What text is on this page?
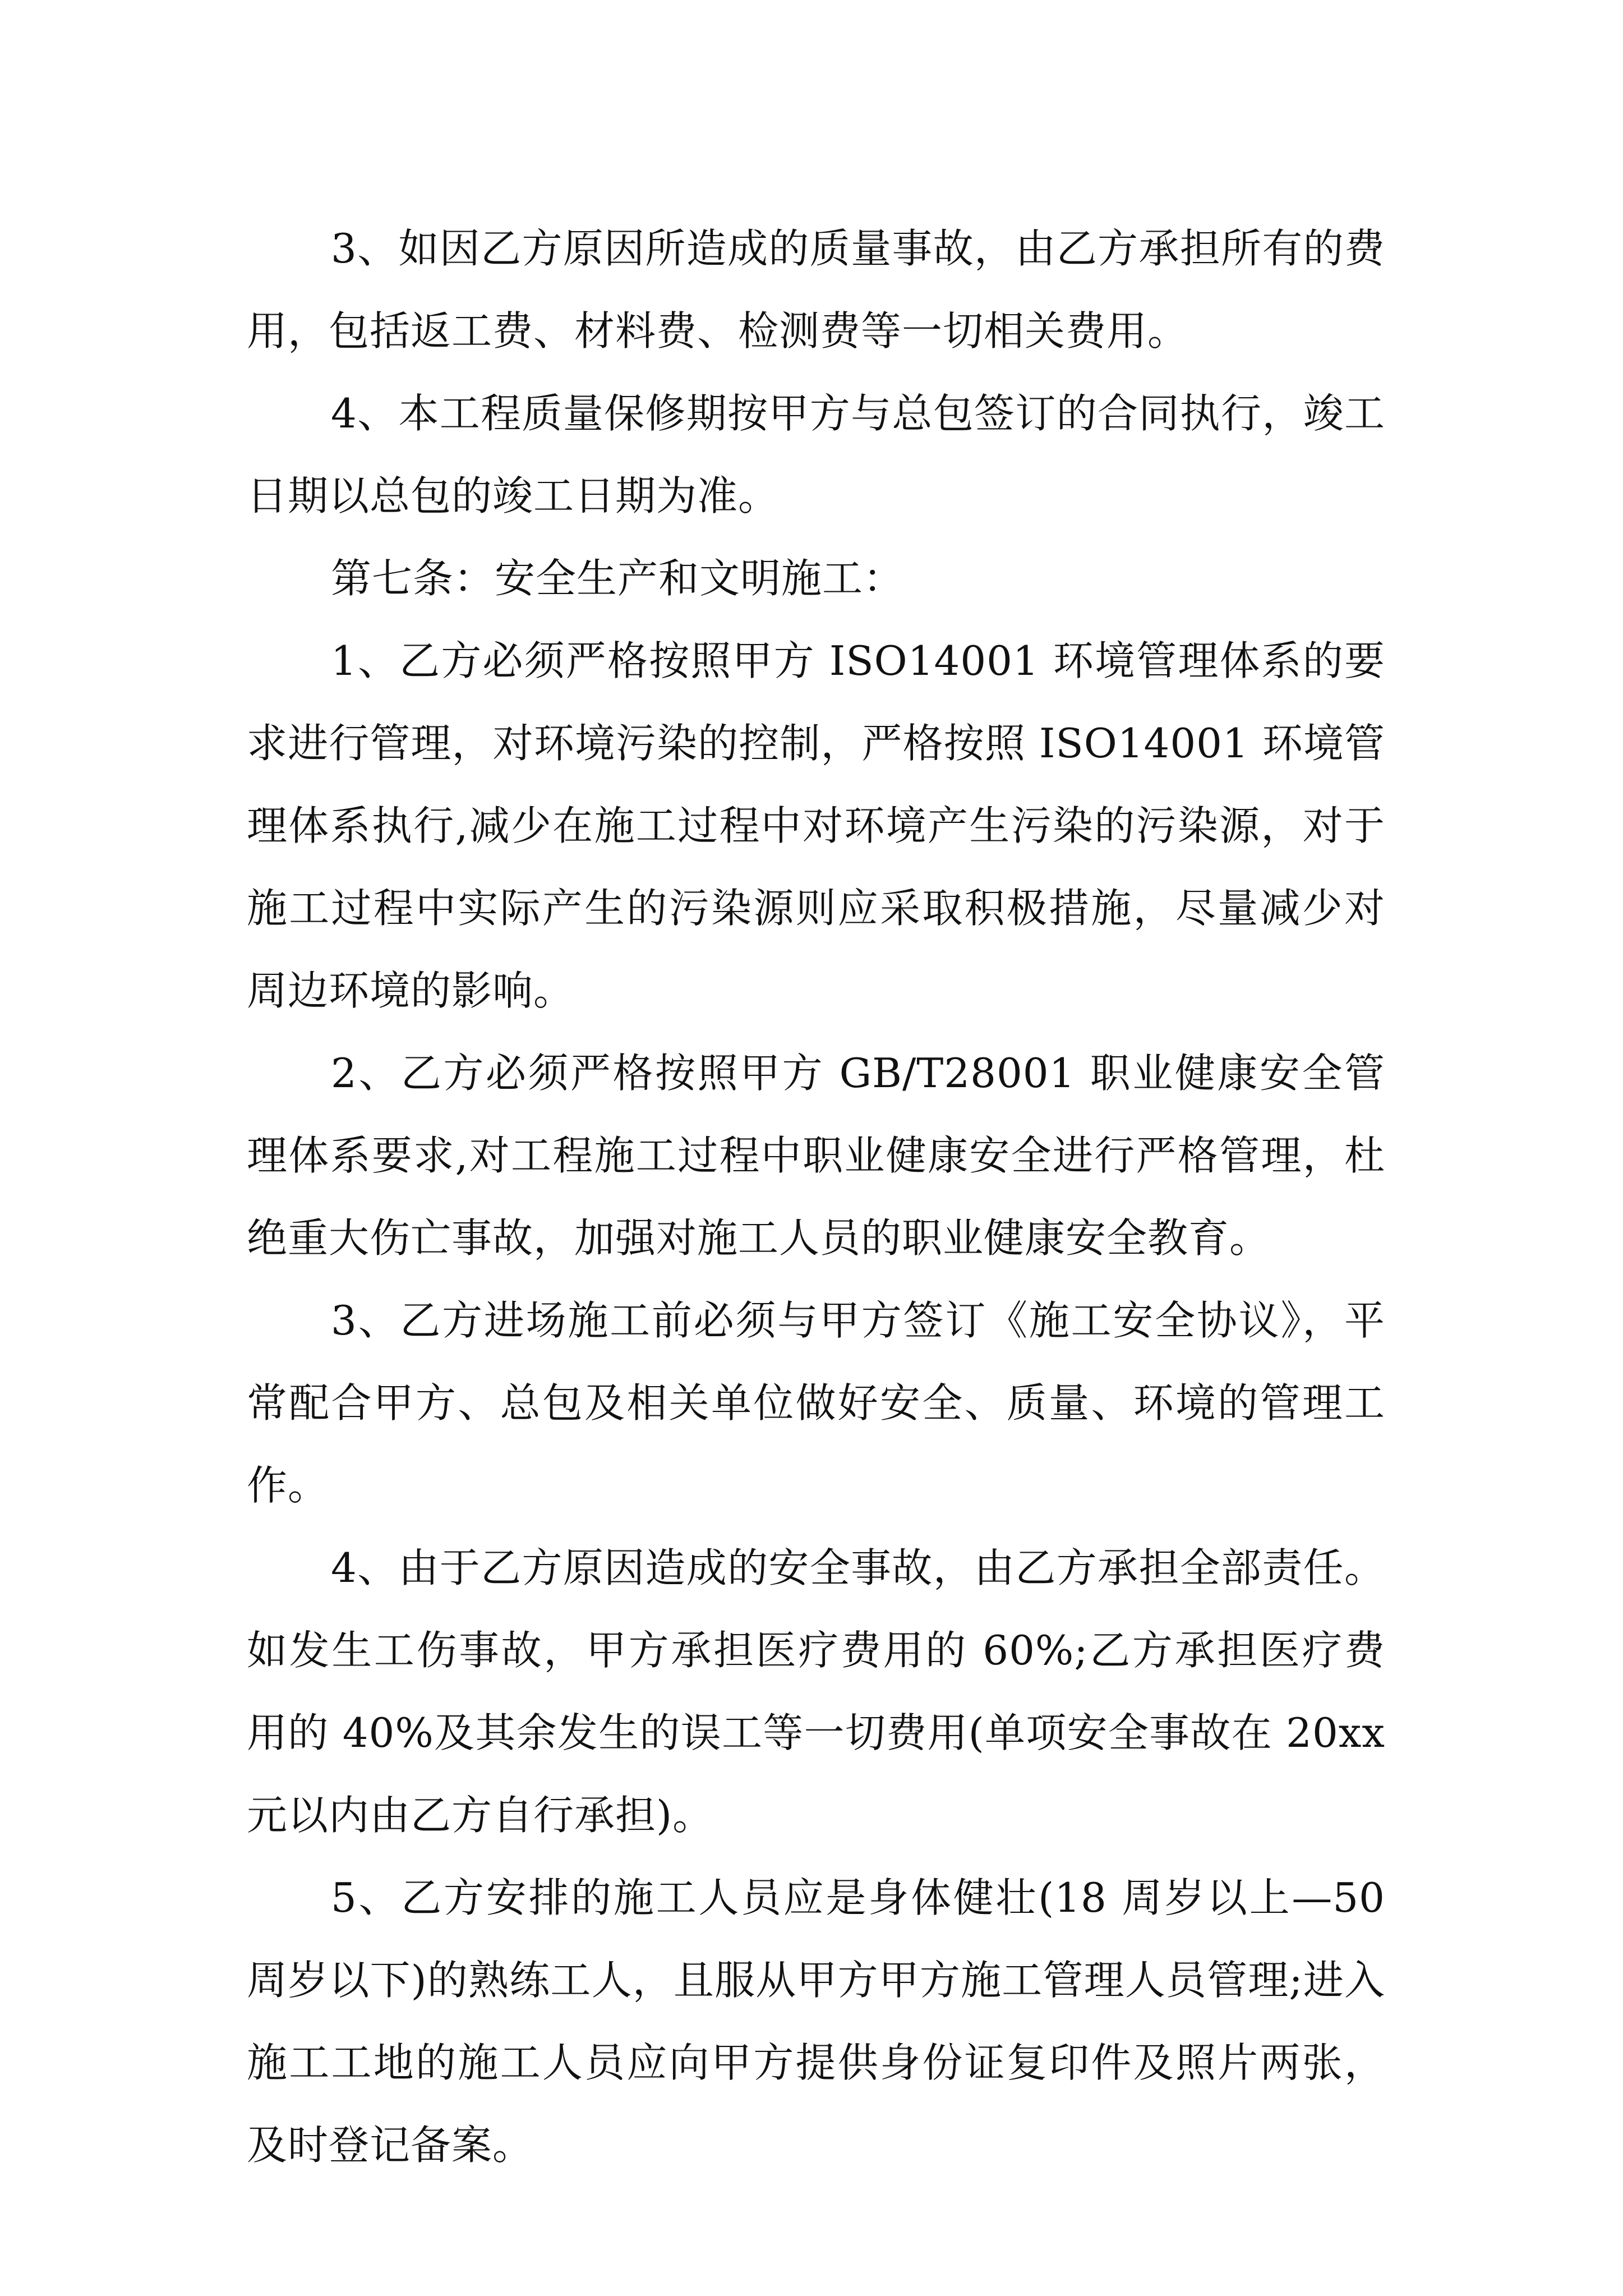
3、如因乙方原因所造成的质量事故，由乙方承担所有的费用，包括返工费、材料费、检测费等一切相关费用。

4、本工程质量保修期按甲方与总包签订的合同执行，竣工日期以总包的竣工日期为准。

第七条：安全生产和文明施工：

1、乙方必须严格按照甲方 ISO14001 环境管理体系的要求进行管理，对环境污染的控制，严格按照 ISO14001 环境管理体系执行,减少在施工过程中对环境产生污染的污染源，对于施工过程中实际产生的污染源则应采取积极措施，尽量减少对周边环境的影响。

2、乙方必须严格按照甲方 GB/T28001 职业健康安全管理体系要求,对工程施工过程中职业健康安全进行严格管理，杜绝重大伤亡事故，加强对施工人员的职业健康安全教育。

3、乙方进场施工前必须与甲方签订《施工安全协议》，平常配合甲方、总包及相关单位做好安全、质量、环境的管理工作。

4、由于乙方原因造成的安全事故，由乙方承担全部责任。如发生工伤事故，甲方承担医疗费用的 60%;乙方承担医疗费用的 40%及其余发生的误工等一切费用(单项安全事故在 20xx 元以内由乙方自行承担)。

5、乙方安排的施工人员应是身体健壮(18 周岁以上—50 周岁以下)的熟练工人，且服从甲方甲方施工管理人员管理;进入施工工地的施工人员应向甲方提供身份证复印件及照片两张，及时登记备案。
